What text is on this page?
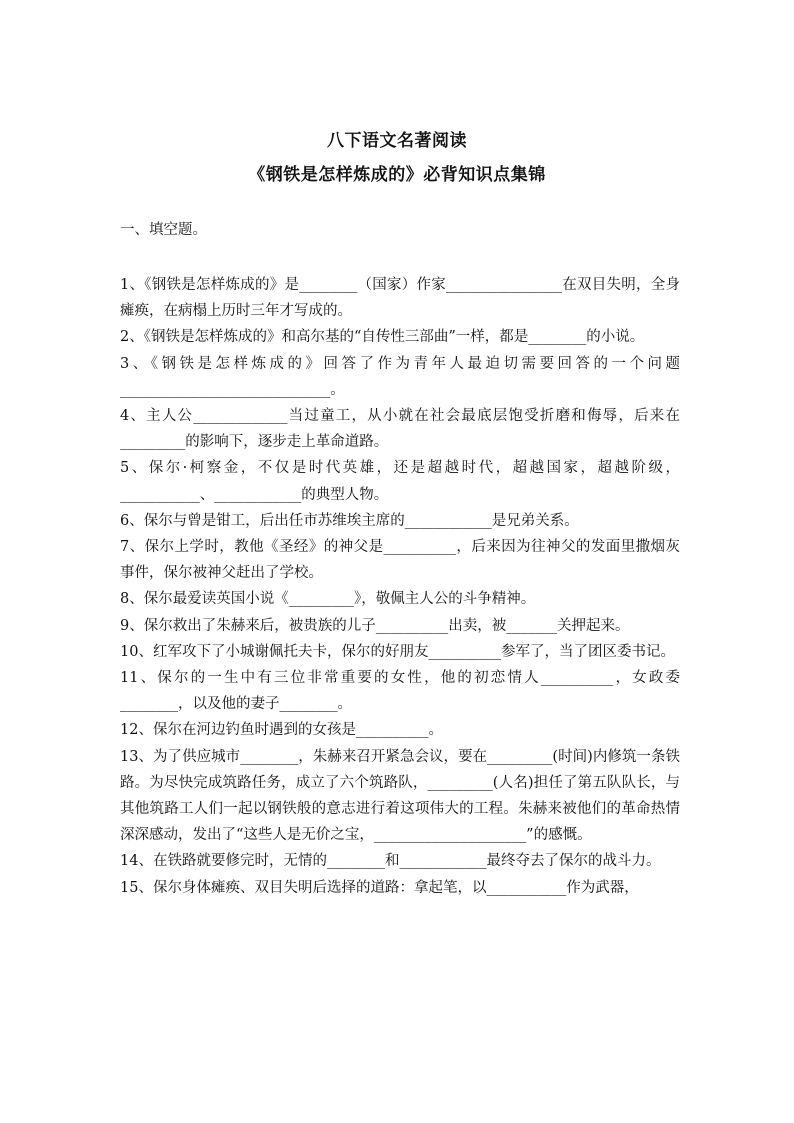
八下语文名著阅读
《钢铁是怎样炼成的》必背知识点集锦
一、填空题。

1、《钢铁是怎样炼成的》是________（国家）作家________________在双目失明，全身瘫痪，在病榻上历时三年才写成的。

2、《钢铁是怎样炼成的》和高尔基的“自传性三部曲”一样，都是________的小说。

3、《钢铁是怎样炼成的》回答了作为青年人最迫切需要回答的一个问题 _____________________________。

4、主人公_____________当过童工，从小就在社会最底层饱受折磨和侮辱，后来在_________的影响下，逐步走上革命道路。

5、保尔·柯察金，不仅是时代英雄，还是超越时代，超越国家，超越阶级，___________、____________的典型人物。

6、保尔与曾是钳工，后出任市苏维埃主席的____________是兄弟关系。

7、保尔上学时，教他《圣经》的神父是__________，后来因为往神父的发面里撒烟灰事件，保尔被神父赶出了学校。

8、保尔最爱读英国小说《_________》，敬佩主人公的斗争精神。

9、保尔救出了朱赫来后，被贵族的儿子__________出卖，被_______关押起来。

10、红军攻下了小城谢佩托夫卡，保尔的好朋友__________参军了，当了团区委书记。

11、保尔的一生中有三位非常重要的女性，他的初恋情人__________，女政委________，以及他的妻子________。

12、保尔在河边钓鱼时遇到的女孩是__________。

13、为了供应城市________，朱赫来召开紧急会议，要在_________(时间)内修筑一条铁路。为尽快完成筑路任务，成立了六个筑路队，_________(人名)担任了第五队队长，与其他筑路工人们一起以钢铁般的意志进行着这项伟大的工程。朱赫来被他们的革命热情深深感动，发出了“这些人是无价之宝，_____________________”的感慨。

14、在铁路就要修完时，无情的________和____________最终夺去了保尔的战斗力。

15、保尔身体瘫痪、双目失明后选择的道路：拿起笔，以___________作为武器，
